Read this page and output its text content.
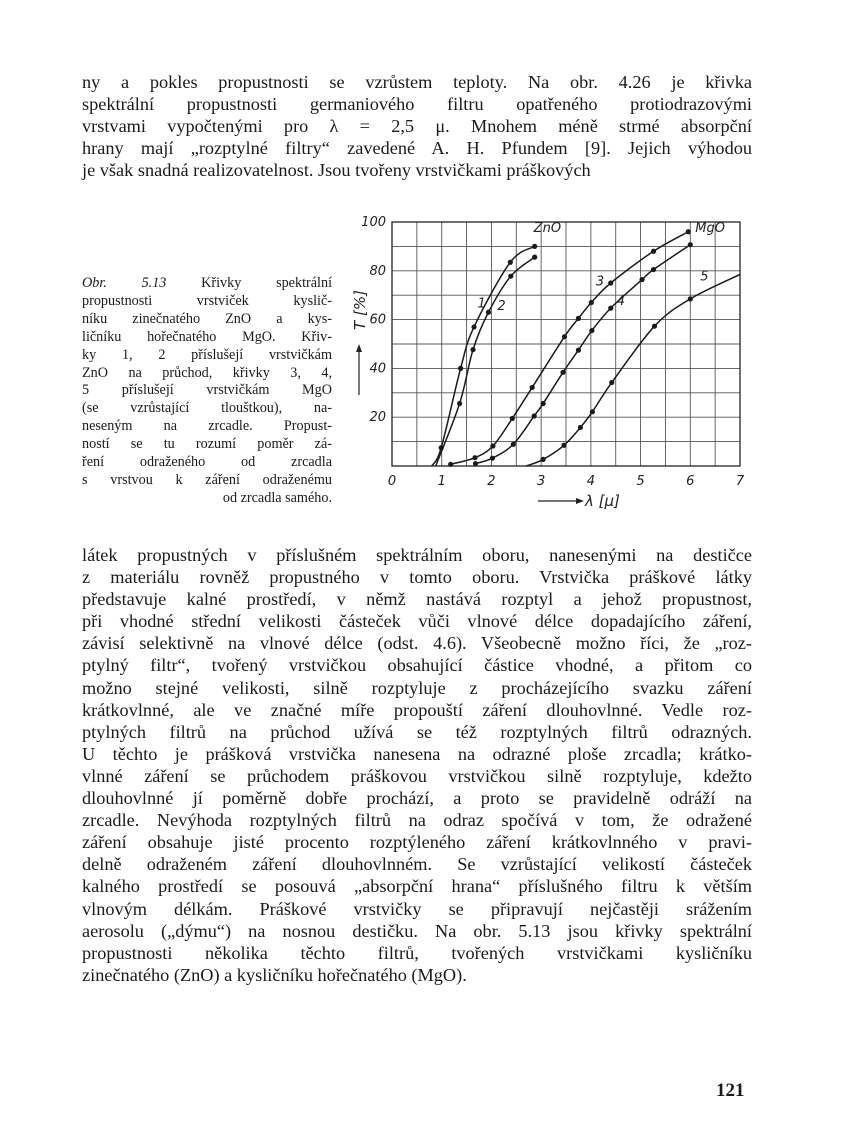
ny a pokles propustnosti se vzrůstem teploty. Na obr. 4.26 je křivka
spektrální propustnosti germaniového filtru opatřeného protiodrazovými
vrstvami vypočtenými pro λ = 2,5 μ. Mnohem méně strmé absorpční
hrany mají „rozptylné filtry“ zavedené A. H. Pfundem [9]. Jejich výhodou
je však snadná realizovatelnost. Jsou tvořeny vrstvičkami práškových
Obr. 5.13 Křivky spektrální
propustnosti vrstviček kyslič-
níku zinečnatého ZnO a kys-
ličníku hořečnatého MgO. Křiv-
ky 1, 2 příslušejí vrstvičkám
ZnO na průchod, křivky 3, 4,
5 příslušejí vrstvičkám MgO
(se vzrůstající tlouštkou), na-
neseným na zrcadle. Propust-
ností se tu rozumí poměr zá-
ření odraženého od zrcadla
s vrstvou k záření odraženému
od zrcadla samého.
0	1	2	3	4	5	6	7
20
40
60
80
100
λ [μ]
T [%]
ZnO	MgO
1 2
3
4
5
látek propustných v příslušném spektrálním oboru, nanesenými na destičce
z materiálu rovněž propustného v tomto oboru. Vrstvička práškové látky
představuje kalné prostředí, v němž nastává rozptyl a jehož propustnost,
při vhodné střední velikosti částeček vůči vlnové délce dopadajícího záření,
závisí selektivně na vlnové délce (odst. 4.6). Všeobecně možno říci, že „roz-
ptylný filtr“, tvořený vrstvičkou obsahující částice vhodné, a přitom co
možno stejné velikosti, silně rozptyluje z procházejícího svazku záření
krátkovlnné, ale ve značné míře propouští záření dlouhovlnné. Vedle roz-
ptylných filtrů na průchod užívá se též rozptylných filtrů odrazných.
U těchto je prášková vrstvička nanesena na odrazné ploše zrcadla; krátko-
vlnné záření se průchodem práškovou vrstvičkou silně rozptyluje, kdežto
dlouhovlnné jí poměrně dobře prochází, a proto se pravidelně odráží na
zrcadle. Nevýhoda rozptylných filtrů na odraz spočívá v tom, že odražené
záření obsahuje jisté procento rozptýleného záření krátkovlnného v pravi-
delně odraženém záření dlouhovlnném. Se vzrůstající velikostí částeček
kalného prostředí se posouvá „absorpční hrana“ příslušného filtru k větším
vlnovým délkám. Práškové vrstvičky se připravují nejčastěji srážením
aerosolu („dýmu“) na nosnou destičku. Na obr. 5.13 jsou křivky spektrální
propustnosti několika těchto filtrů, tvořených vrstvičkami kysličníku
zinečnatého (ZnO) a kysličníku hořečnatého (MgO).
121
